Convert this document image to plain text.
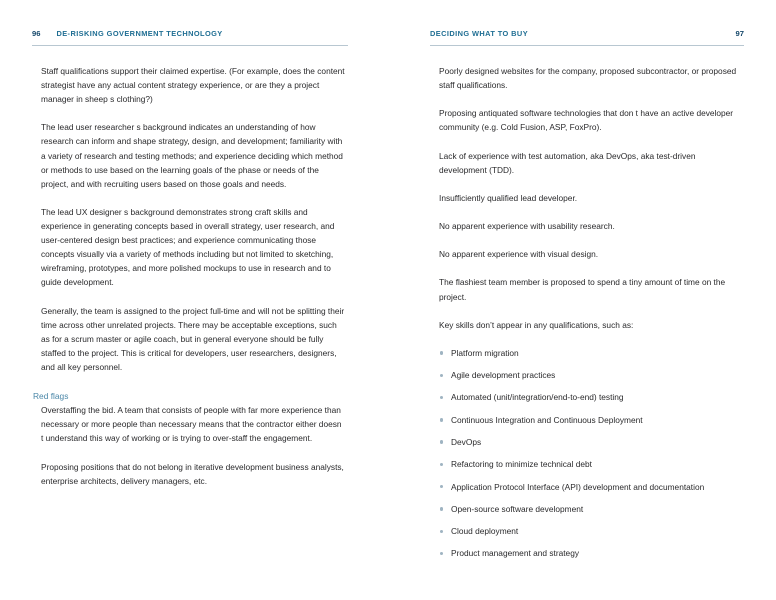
96 DE-RISKING GOVERNMENT TECHNOLOGY

Staff qualifications support their claimed expertise. (For example, does the content strategist have any actual content strategy experience, or are they a project manager in sheep s clothing?)

The lead user researcher s background indicates an understanding of how research can inform and shape strategy, design, and development; familiarity with a variety of research and testing methods; and experience deciding which method or methods to use based on the learning goals of the phase or needs of the project, and with recruiting users based on those goals and needs.

The lead UX designer s background demonstrates strong craft skills and experience in generating concepts based in overall strategy, user research, and user-centered design best practices; and experience communicating those concepts visually via a variety of methods including but not limited to sketching, wireframing, prototypes, and more polished mockups to use in research and to guide development.

Generally, the team is assigned to the project full-time and will not be splitting their time across other unrelated projects. There may be acceptable exceptions, such as for a scrum master or agile coach, but in general everyone should be fully staffed to the project. This is critical for developers, user researchers, designers, and all key personnel.

Red flags

Overstaffing the bid. A team that consists of people with far more experience than necessary or more people than necessary means that the contractor either doesn t understand this way of working or is trying to over-staff the engagement.

Proposing positions that do not belong in iterative development business analysts, enterprise architects, delivery managers, etc.

DECIDING WHAT TO BUY	97

Poorly designed websites for the company, proposed subcontractor, or proposed staff qualifications.

Proposing antiquated software technologies that don t have an active developer community (e.g. Cold Fusion, ASP, FoxPro).

Lack of experience with test automation, aka DevOps, aka test-driven development (TDD).

Insufficiently qualified lead developer.

No apparent experience with usability research.

No apparent experience with visual design.

The flashiest team member is proposed to spend a tiny amount of time on the project.

Key skills don’t appear in any qualifications, such as:

Platform migration
Agile development practices
Automated (unit/integration/end-to-end) testing
Continuous Integration and Continuous Deployment
DevOps
Refactoring to minimize technical debt
Application Protocol Interface (API) development and documentation
Open-source software development
Cloud deployment
Product management and strategy
